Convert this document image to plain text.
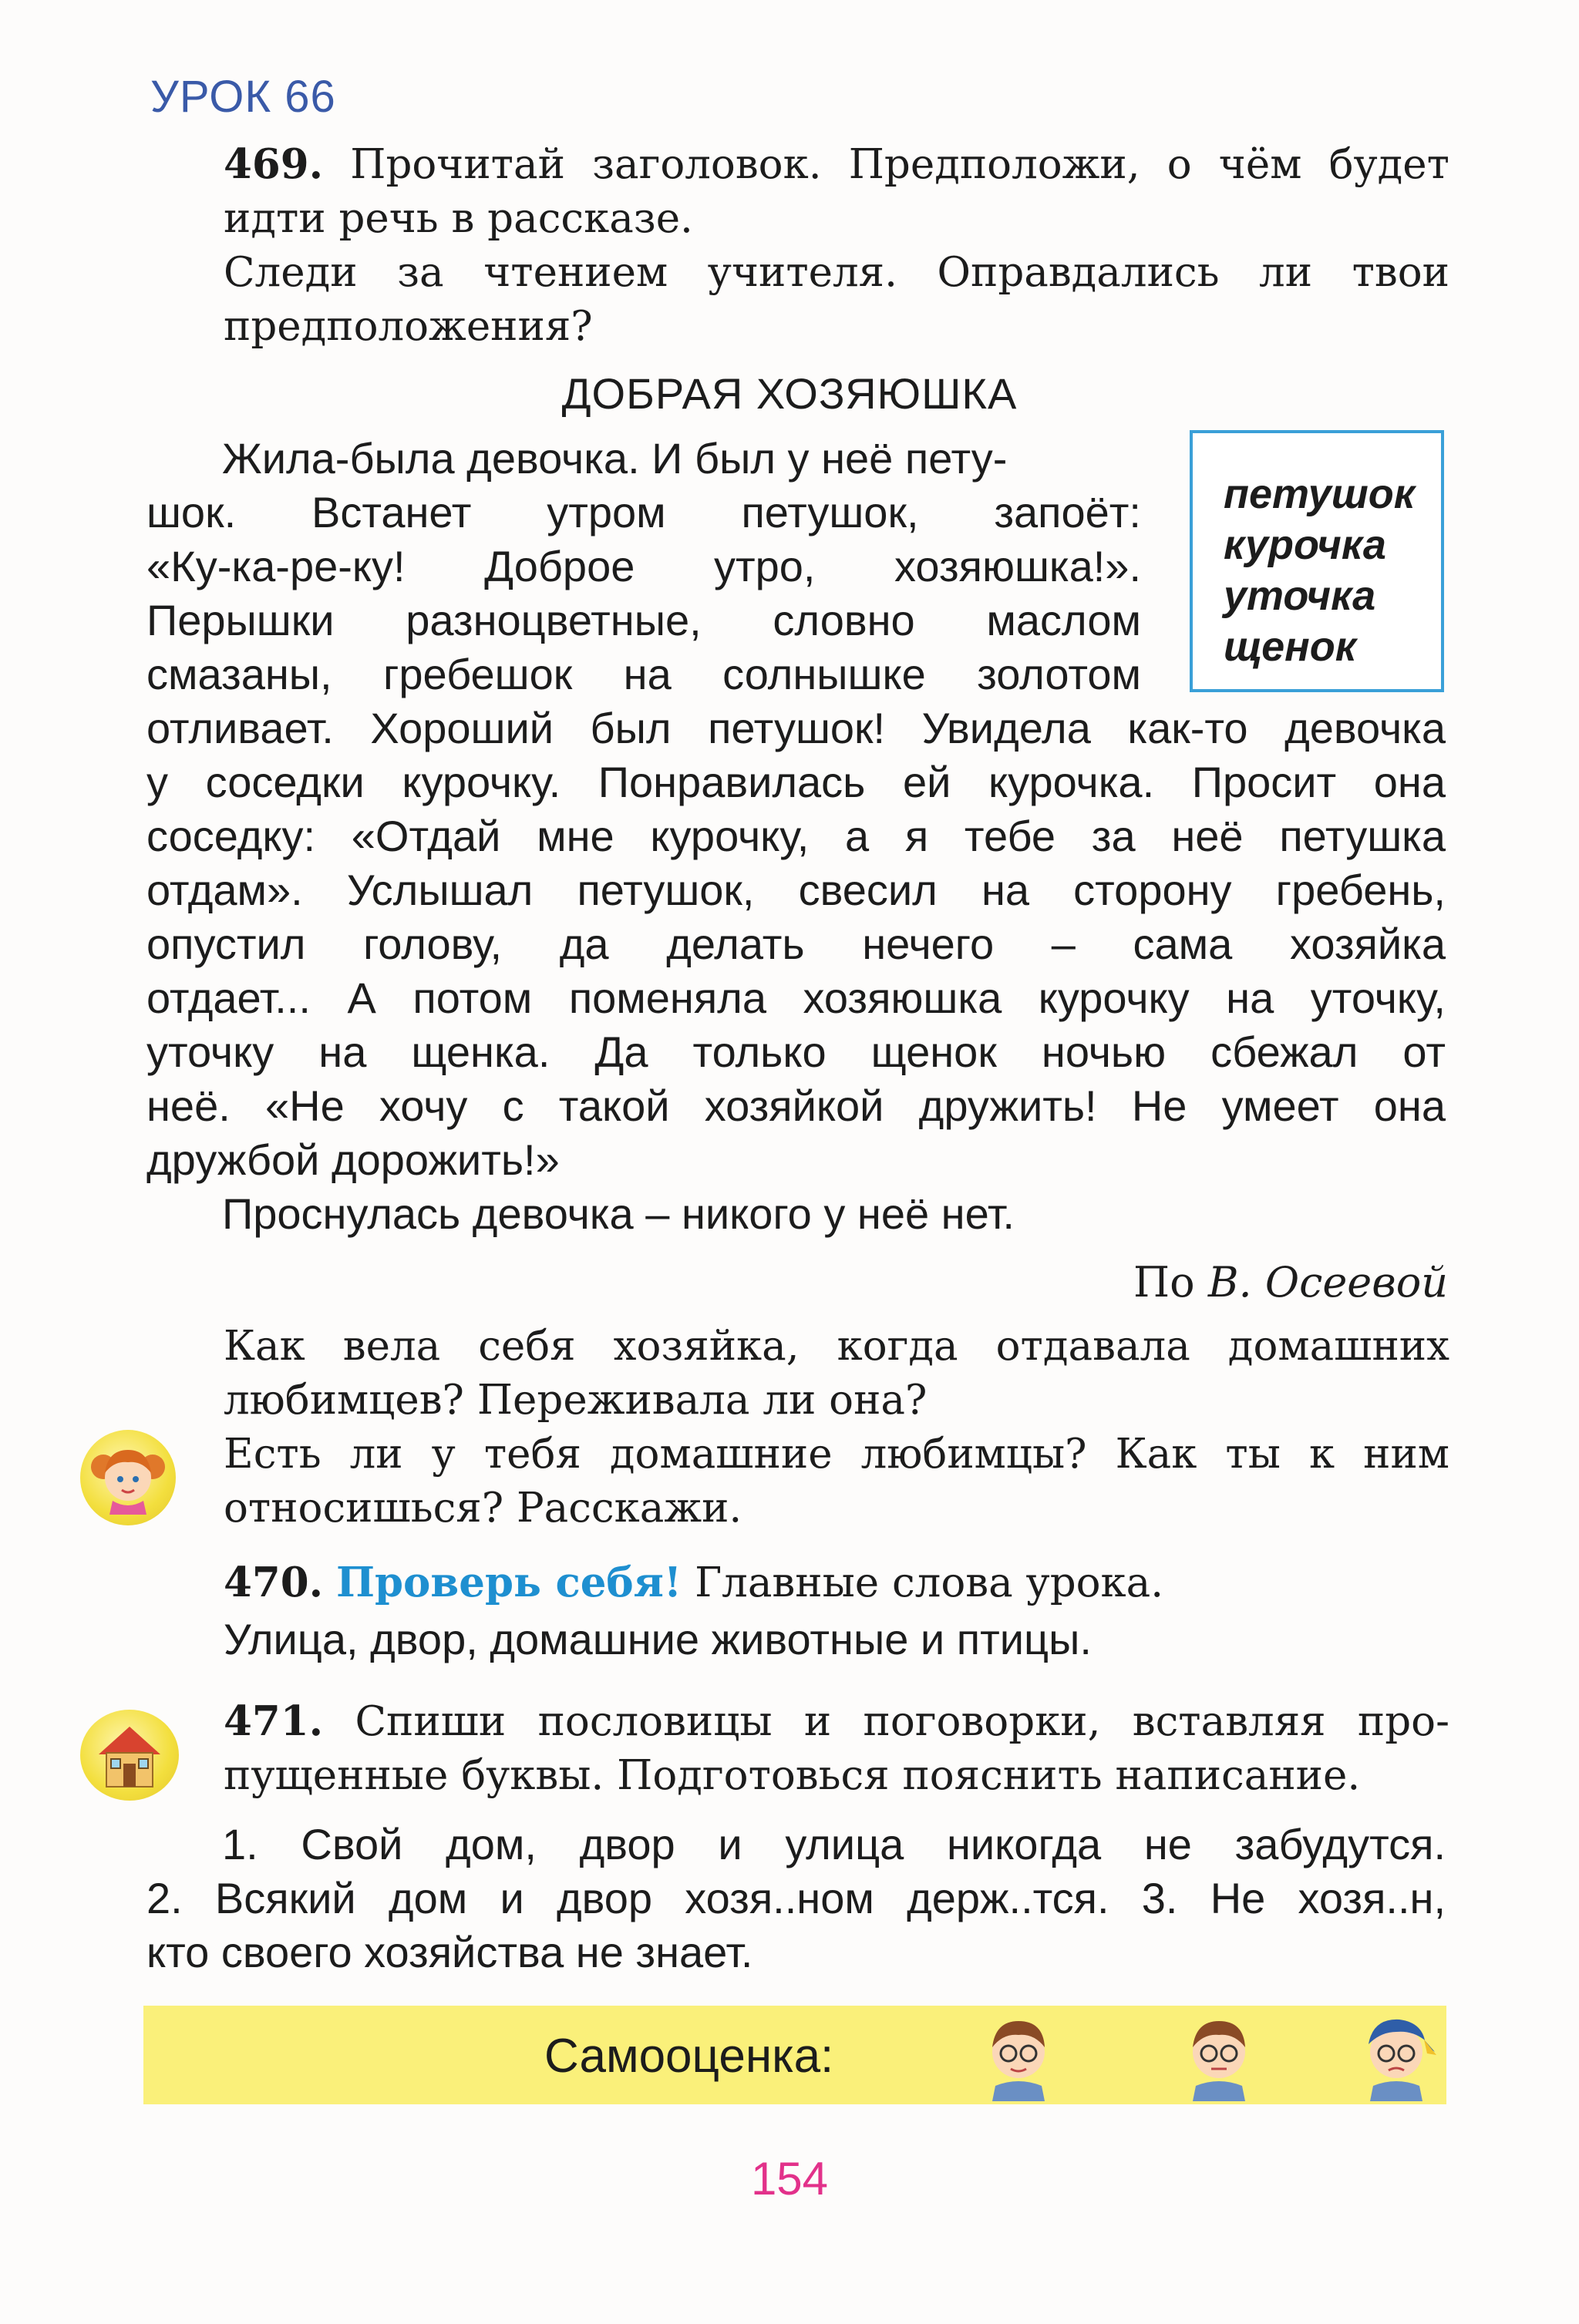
УРОК 66
469. Прочитай заголовок. Предположи, о чём будет
идти речь в рассказе.
Следи за чтением учителя. Оправдались ли твои
предположения?
ДОБРАЯ ХОЗЯЮШКА
Жила-была девочка. И был у неё пету-
шок. Встанет утром петушок, запоёт:
«Ку-ка-ре-ку! Доброе утро, хозяюшка!».
Перышки разноцветные, словно маслом
смазаны, гребешок на солнышке золотом
петушок
курочка
уточка
щенок
отливает. Хороший был петушок! Увидела как-то девочка
у соседки курочку. Понравилась ей курочка. Просит она
соседку: «Отдай мне курочку, а я тебе за неё петушка
отдам». Услышал петушок, свесил на сторону гребень,
опустил голову, да делать нечего – сама хозяйка
отдает... А потом поменяла хозяюшка курочку на уточку,
уточку на щенка. Да только щенок ночью сбежал от
неё. «Не хочу с такой хозяйкой дружить! Не умеет она
дружбой дорожить!»
Проснулась девочка – никого у неё нет.
По В. Осеевой
Как вела себя хозяйка, когда отдавала домашних
любимцев? Переживала ли она?
Есть ли у тебя домашние любимцы? Как ты к ним
относишься? Расскажи.
470. Проверь себя! Главные слова урока.
Улица, двор, домашние животные и птицы.
471. Спиши пословицы и поговорки, вставляя про-
пущенные буквы. Подготовься пояснить написание.
1. Свой дом, двор и улица никогда не забудутся.
2. Всякий дом и двор хозя..ном держ..тся. 3. Не хозя..н,
кто своего хозяйства не знает.
Самооценка:
154
